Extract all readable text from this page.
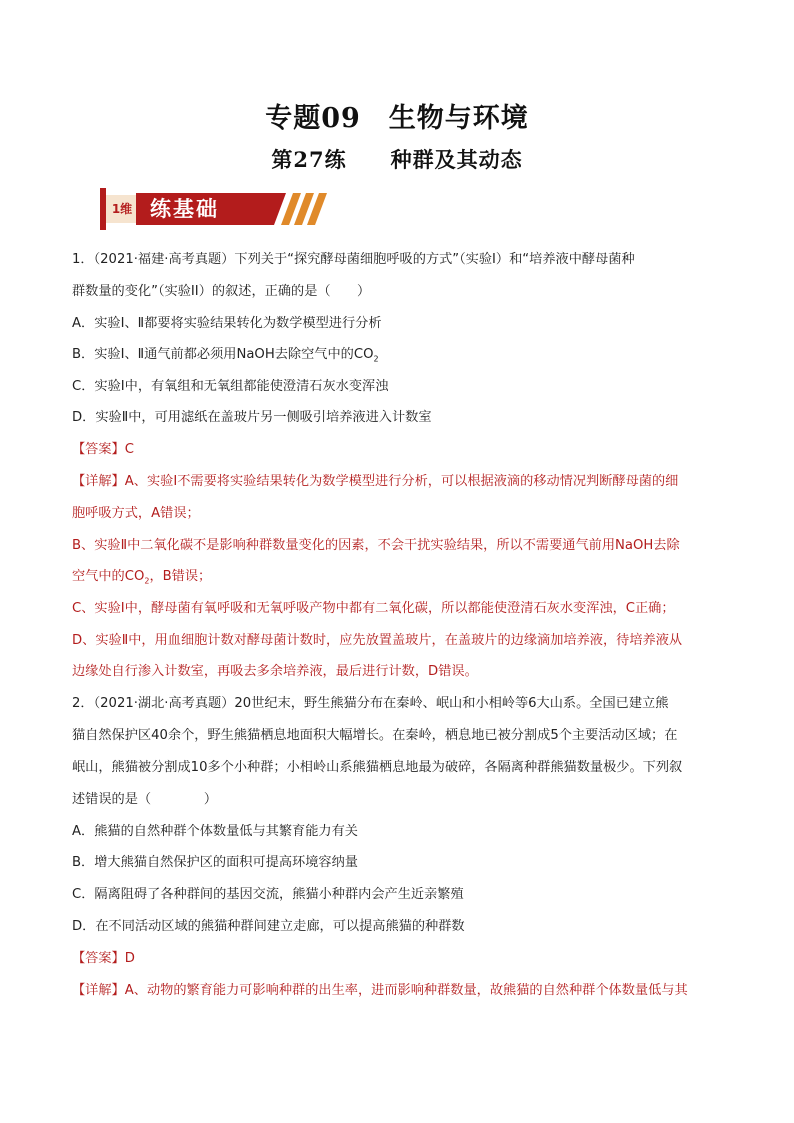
专题09　生物与环境
第27练　　种群及其动态
1维 练基础
1．（2021·福建·高考真题）下列关于“探究酵母菌细胞呼吸的方式”（实验I）和“培养液中酵母菌种
群数量的变化”（实验II）的叙述，正确的是（　　）
A．实验Ⅰ、Ⅱ都要将实验结果转化为数学模型进行分析
B．实验Ⅰ、Ⅱ通气前都必须用NaOH去除空气中的$CO_2$
C．实验Ⅰ中，有氧组和无氧组都能使澄清石灰水变浑浊
D．实验Ⅱ中，可用滤纸在盖玻片另一侧吸引培养液进入计数室
【答案】C
【详解】A、实验Ⅰ不需要将实验结果转化为数学模型进行分析，可以根据液滴的移动情况判断酵母菌的细
胞呼吸方式，A错误；
B、实验Ⅱ中二氧化碳不是影响种群数量变化的因素，不会干扰实验结果，所以不需要通气前用NaOH去除
空气中的$CO_2$，B错误；
C、实验Ⅰ中，酵母菌有氧呼吸和无氧呼吸产物中都有二氧化碳，所以都能使澄清石灰水变浑浊，C正确；
D、实验Ⅱ中，用血细胞计数对酵母菌计数时，应先放置盖玻片，在盖玻片的边缘滴加培养液，待培养液从
边缘处自行渗入计数室，再吸去多余培养液，最后进行计数，D错误。
2．（2021·湖北·高考真题）20世纪末，野生熊猫分布在秦岭、岷山和小相岭等6大山系。全国已建立熊
猫自然保护区40余个，野生熊猫栖息地面积大幅增长。在秦岭，栖息地已被分割成5个主要活动区域；在
岷山，熊猫被分割成10多个小种群；小相岭山系熊猫栖息地最为破碎，各隔离种群熊猫数量极少。下列叙
述错误的是（　　　　）
A．熊猫的自然种群个体数量低与其繁育能力有关
B．增大熊猫自然保护区的面积可提高环境容纳量
C．隔离阻碍了各种群间的基因交流，熊猫小种群内会产生近亲繁殖
D．在不同活动区域的熊猫种群间建立走廊，可以提高熊猫的种群数
【答案】D
【详解】A、动物的繁育能力可影响种群的出生率，进而影响种群数量，故熊猫的自然种群个体数量低与其
